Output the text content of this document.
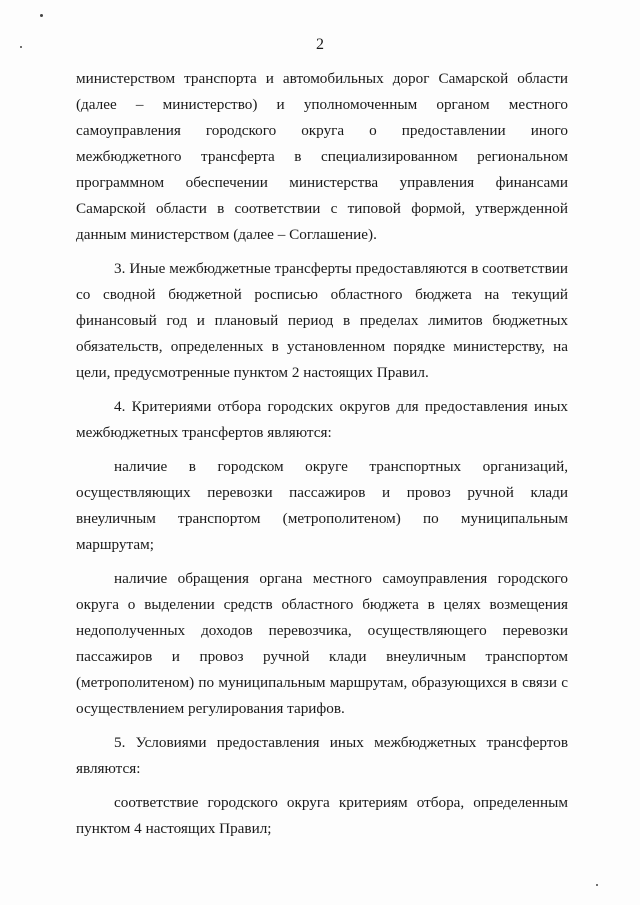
2

министерством транспорта и автомобильных дорог Самарской области (далее – министерство) и уполномоченным органом местного самоуправления городского округа о предоставлении иного межбюджетного трансферта в специализированном региональном программном обеспечении министерства управления финансами Самарской области в соответствии с типовой формой, утвержденной данным министерством (далее – Соглашение).

3. Иные межбюджетные трансферты предоставляются в соответствии со сводной бюджетной росписью областного бюджета на текущий финансовый год и плановый период в пределах лимитов бюджетных обязательств, определенных в установленном порядке министерству, на цели, предусмотренные пунктом 2 настоящих Правил.

4. Критериями отбора городских округов для предоставления иных межбюджетных трансфертов являются:

наличие в городском округе транспортных организаций, осуществляющих перевозки пассажиров и провоз ручной клади внеуличным транспортом (метрополитеном) по муниципальным маршрутам;

наличие обращения органа местного самоуправления городского округа о выделении средств областного бюджета в целях возмещения недополученных доходов перевозчика, осуществляющего перевозки пассажиров и провоз ручной клади внеуличным транспортом (метрополитеном) по муниципальным маршрутам, образующихся в связи с осуществлением регулирования тарифов.

5. Условиями предоставления иных межбюджетных трансфертов являются:

соответствие городского округа критериям отбора, определенным пунктом 4 настоящих Правил;
